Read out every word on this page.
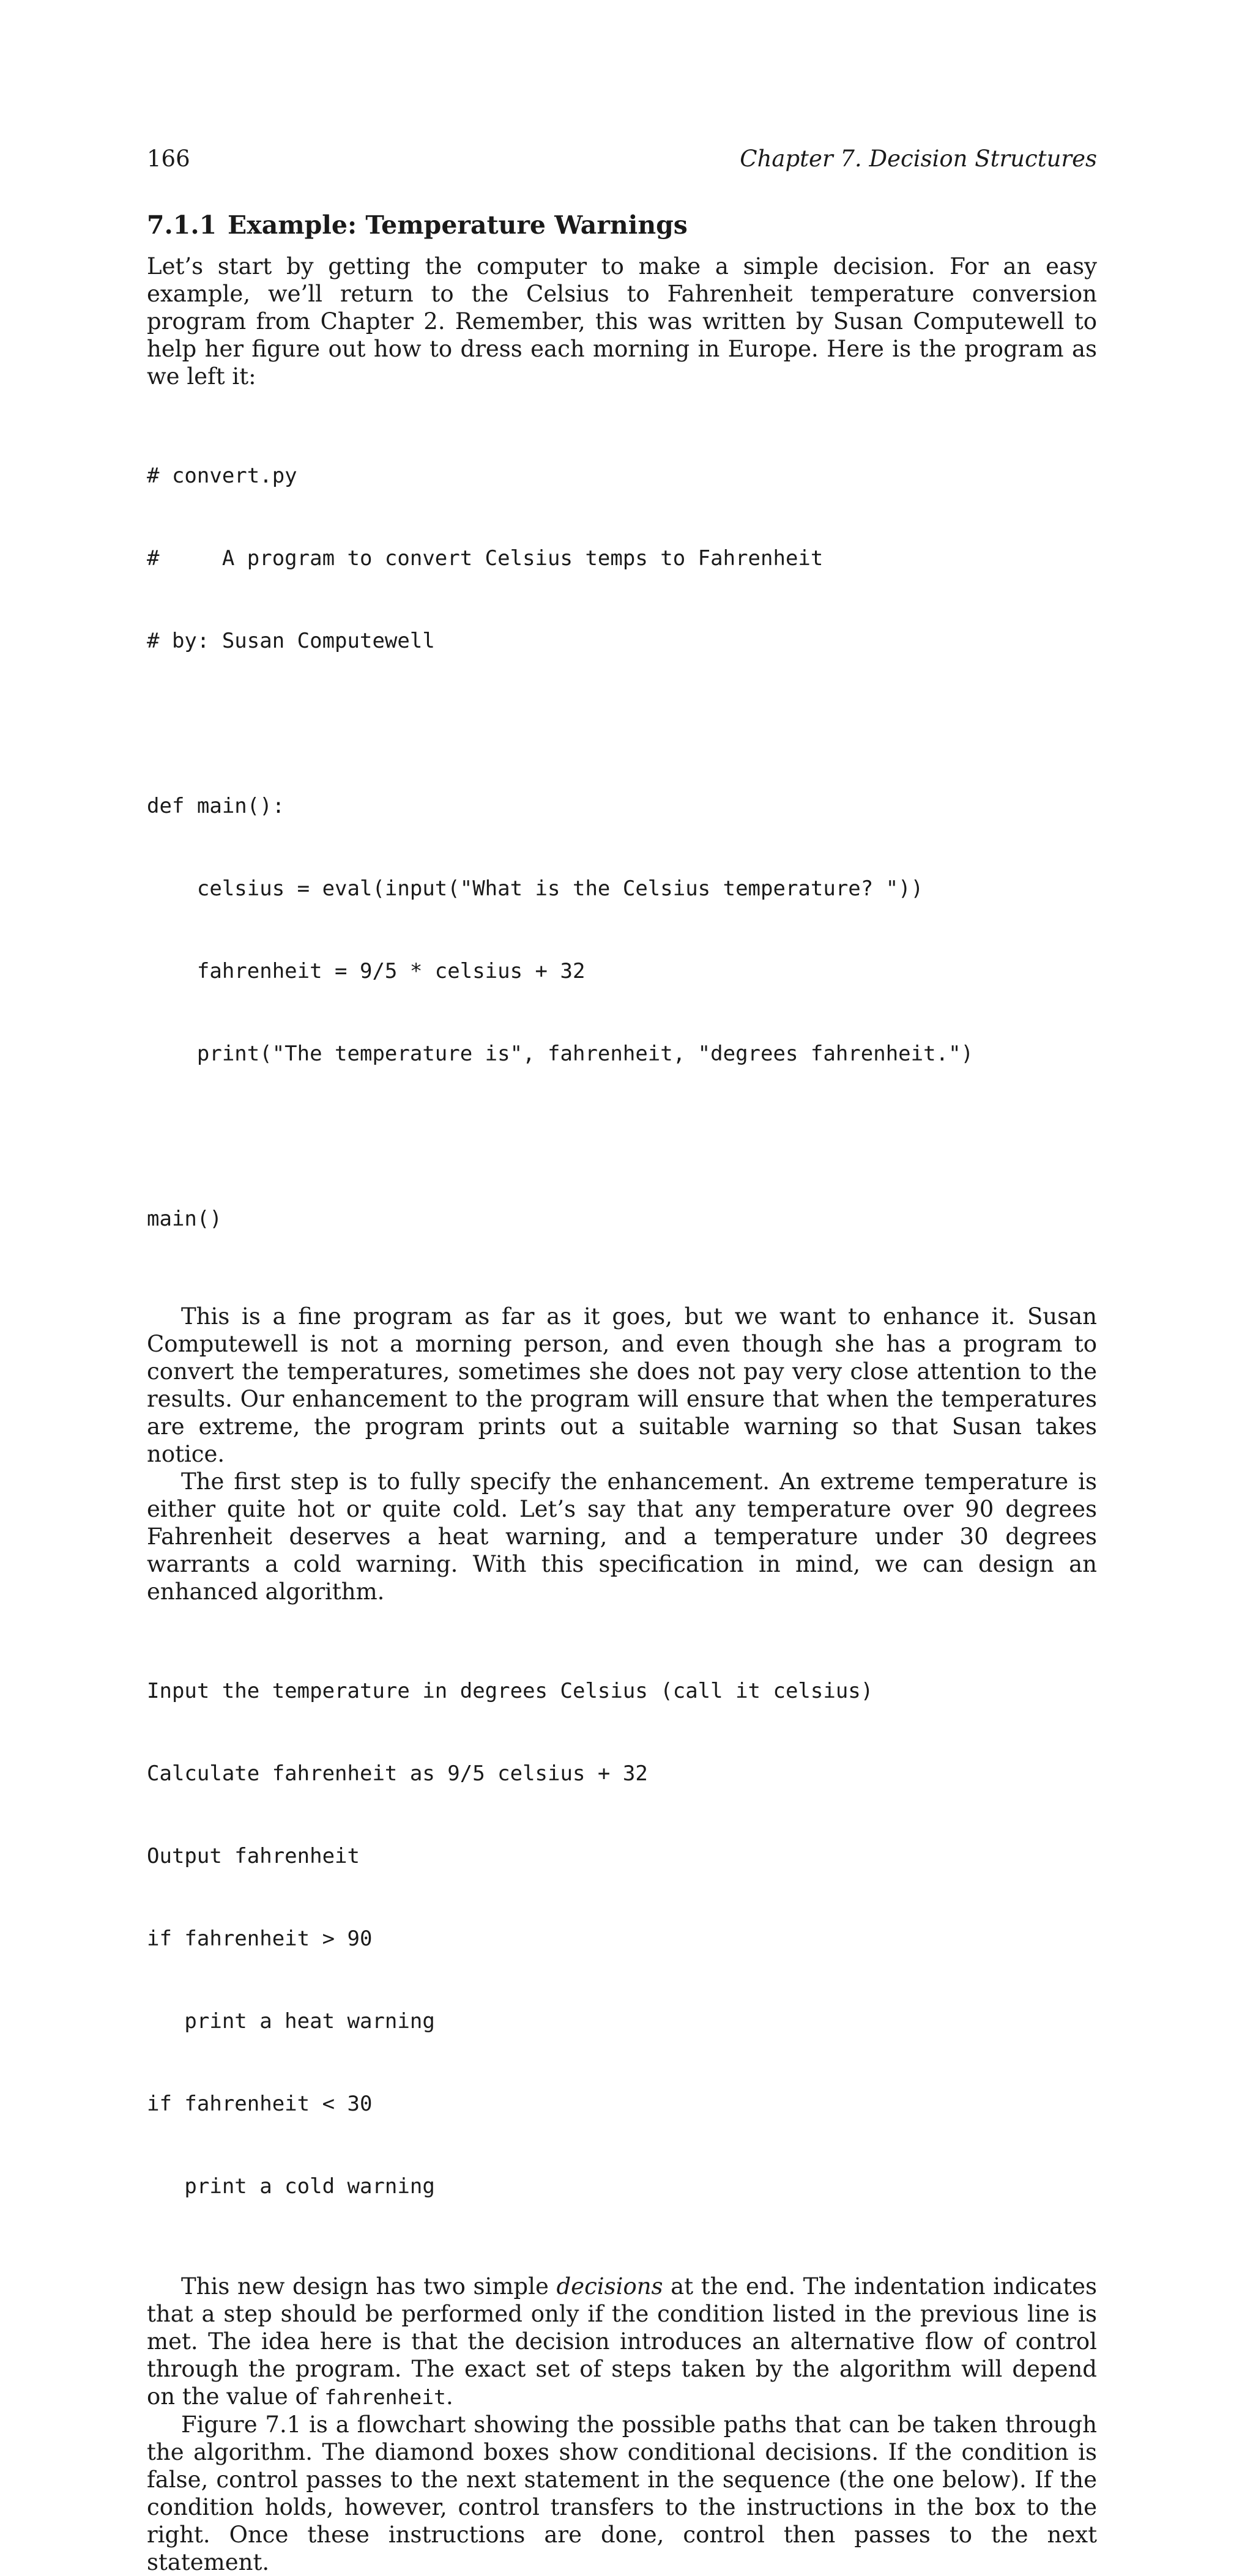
166	Chapter 7. Decision Structures
7.1.1 Example: Temperature Warnings

Let’s start by getting the computer to make a simple decision. For an easy example, we’ll return to the Celsius to Fahrenheit temperature conversion program from Chapter 2. Remember, this was written by Susan Computewell to help her figure out how to dress each morning in Europe. Here is the program as we left it:

# convert.py

#     A program to convert Celsius temps to Fahrenheit

# by: Susan Computewell

def main():

celsius = eval(input("What is the Celsius temperature? "))

fahrenheit = 9/5 * celsius + 32

print("The temperature is", fahrenheit, "degrees fahrenheit.")

main()

This is a fine program as far as it goes, but we want to enhance it. Susan Computewell is not a morning person, and even though she has a program to convert the temperatures, sometimes she does not pay very close attention to the results. Our enhancement to the program will ensure that when the temperatures are extreme, the program prints out a suitable warning so that Susan takes notice.

The first step is to fully specify the enhancement. An extreme temperature is either quite hot or quite cold. Let’s say that any temperature over 90 degrees Fahrenheit deserves a heat warning, and a temperature under 30 degrees warrants a cold warning. With this specification in mind, we can design an enhanced algorithm.

Input the temperature in degrees Celsius (call it celsius)

Calculate fahrenheit as 9/5 celsius + 32

Output fahrenheit

if fahrenheit > 90

print a heat warning

if fahrenheit < 30

print a cold warning

This new design has two simple decisions at the end. The indentation indicates that a step should be performed only if the condition listed in the previous line is met. The idea here is that the decision introduces an alternative flow of control through the program. The exact set of steps taken by the algorithm will depend on the value of fahrenheit.

Figure 7.1 is a flowchart showing the possible paths that can be taken through the algorithm. The diamond boxes show conditional decisions. If the condition is false, control passes to the next statement in the sequence (the one below). If the condition holds, however, control transfers to the instructions in the box to the right. Once these instructions are done, control then passes to the next statement.
